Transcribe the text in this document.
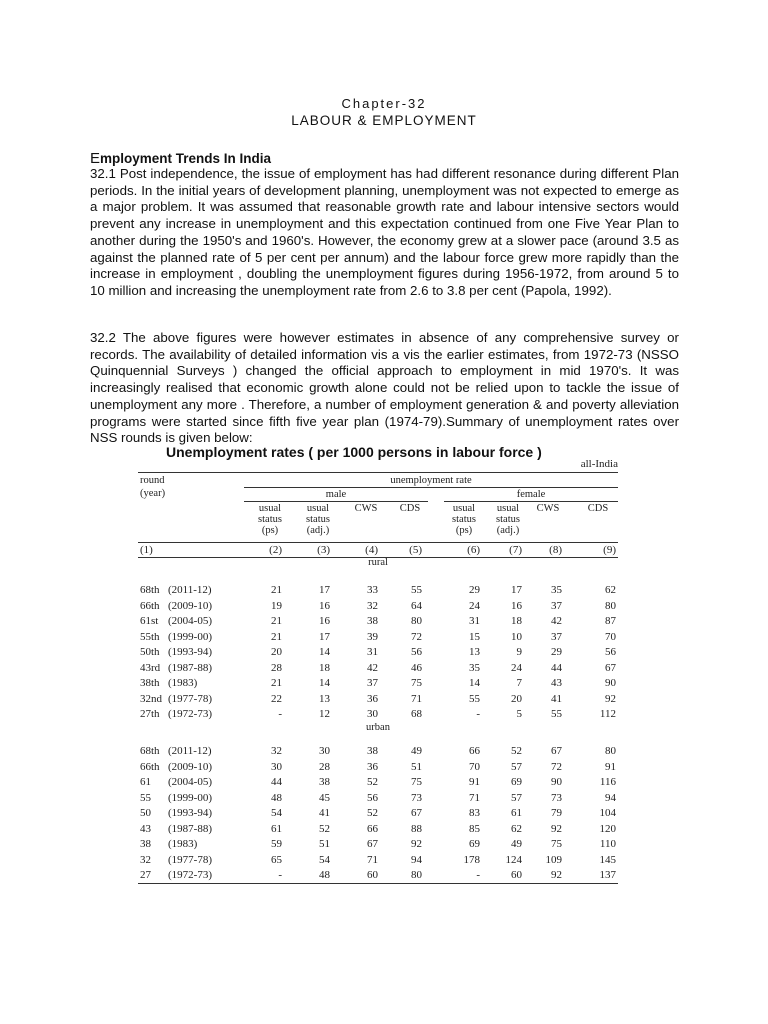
Chapter-32
LABOUR & EMPLOYMENT
Employment Trends In India

32.1 Post independence, the issue of employment has had different resonance during different Plan periods. In the initial years of development planning, unemployment was not expected to emerge as a major problem. It was assumed that reasonable growth rate and labour intensive sectors would prevent any increase in unemployment and this expectation continued from one Five Year Plan to another during the 1950's and 1960's. However, the economy grew at a slower pace (around 3.5 as against the planned rate of 5 per cent per annum) and the labour force grew more rapidly than the increase in employment , doubling the unemployment figures during 1956-1972, from around 5 to 10 million and increasing the unemployment rate from 2.6 to 3.8 per cent (Papola, 1992).

32.2 The above figures were however estimates in absence of any comprehensive survey or records. The availability of detailed information vis a vis the earlier estimates, from 1972-73 (NSSO Quinquennial Surveys ) changed the official approach to employment in mid 1970's. It was increasingly realised that economic growth alone could not be relied upon to tackle the issue of unemployment any more . Therefore, a number of employment generation & and poverty alleviation programs were started since fifth five year plan (1974-79).Summary of unemployment rates over NSS rounds is given below:

Unemployment rates ( per 1000 persons in labour force )
all-India
round
(year)
unemployment rate
male	female
usual
status
(ps)
usual
status
(adj.)
CWS	CDS	usual
status
(ps)
usual
status
(adj.)
CWS	CDS
(1)	(2)	(3)	(4)	(5)	(6)	(7)	(8)	(9)
rural
68th (2011-12)	21	17	33	55	29	17	35	62
66th (2009-10)	19	16	32	64	24	16	37	80
61st (2004-05)	21	16	38	80	31	18	42	87
55th (1999-00)	21	17	39	72	15	10	37	70
50th (1993-94)	20	14	31	56	13	9	29	56
43rd (1987-88)	28	18	42	46	35	24	44	67
38th (1983)	21	14	37	75	14	7	43	90
32nd (1977-78)	22	13	36	71	55	20	41	92
27th (1972-73)	-	12	30	68	-	5	55	112
urban
68th (2011-12)	32	30	38	49	66	52	67	80
66th (2009-10)	30	28	36	51	70	57	72	91
61 (2004-05)	44	38	52	75	91	69	90	116
55 (1999-00)	48	45	56	73	71	57	73	94
50 (1993-94)	54	41	52	67	83	61	79	104
43 (1987-88)	61	52	66	88	85	62	92	120
38 (1983)	59	51	67	92	69	49	75	110
32 (1977-78)	65	54	71	94	178	124	109	145
27 (1972-73)	-	48	60	80	-	60	92	137
